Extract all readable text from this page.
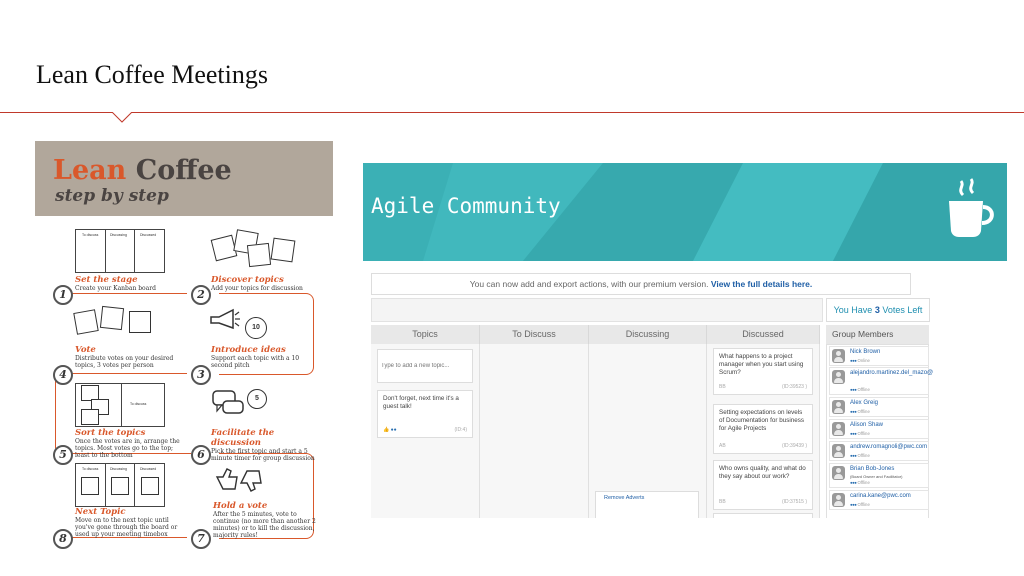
Lean Coffee Meetings
Lean Coffee
step by step
To discuss	Discussing	Discussed
10
To discuss
5
To discuss	Discussing	Discussed
Set the stage
Create your Kanban board
1
Discover topics
Add your topics for discussion
2
Vote
Distribute votes on your desired topics, 3 votes per person
4
Introduce ideas
Support each topic with a 10 second pitch
3
Sort the topics
Once the votes are in, arrange the topics. Most votes go to the top; least to the bottom
5
Facilitate the discussion
Pick the first topic and start a 5 minute timer for group discussion
6
Next Topic
Move on to the next topic until you've gone through the board or used up your meeting timebox
8
Hold a vote
After the 5 minutes, vote to continue (no more than another 2 minutes) or to kill the discussion, majority rules!
7
Agile Community
You can now add and export actions, with our premium version. View the full details here.
You Have 3 Votes Left
Topics	To Discuss	Discussing	Discussed
Type to add a new topic...
Don't forget, next time it's a guest talk!
👍 ●●	(ID:4)
What happens to a project manager when you start using Scrum?
BB	(ID:39523 )
Setting expectations on levels of Documentation for business for Agile Projects
AB	(ID:39439 )
Who owns quality, and what do they say about our work?
BB	(ID:37515 )
Remove Adverts
Group Members
Nick Brown
●●● Online
alejandro.martinez.del_mazo@
●●● Offline
Alex Greig
●●● Offline
Alison Shaw
●●● Offline
andrew.romagnoli@pwc.com
●●● Offline
Brian Bob-Jones
(Board Owner and Facilitator)
●●● Offline
carina.kane@pwc.com
●●● Offline
